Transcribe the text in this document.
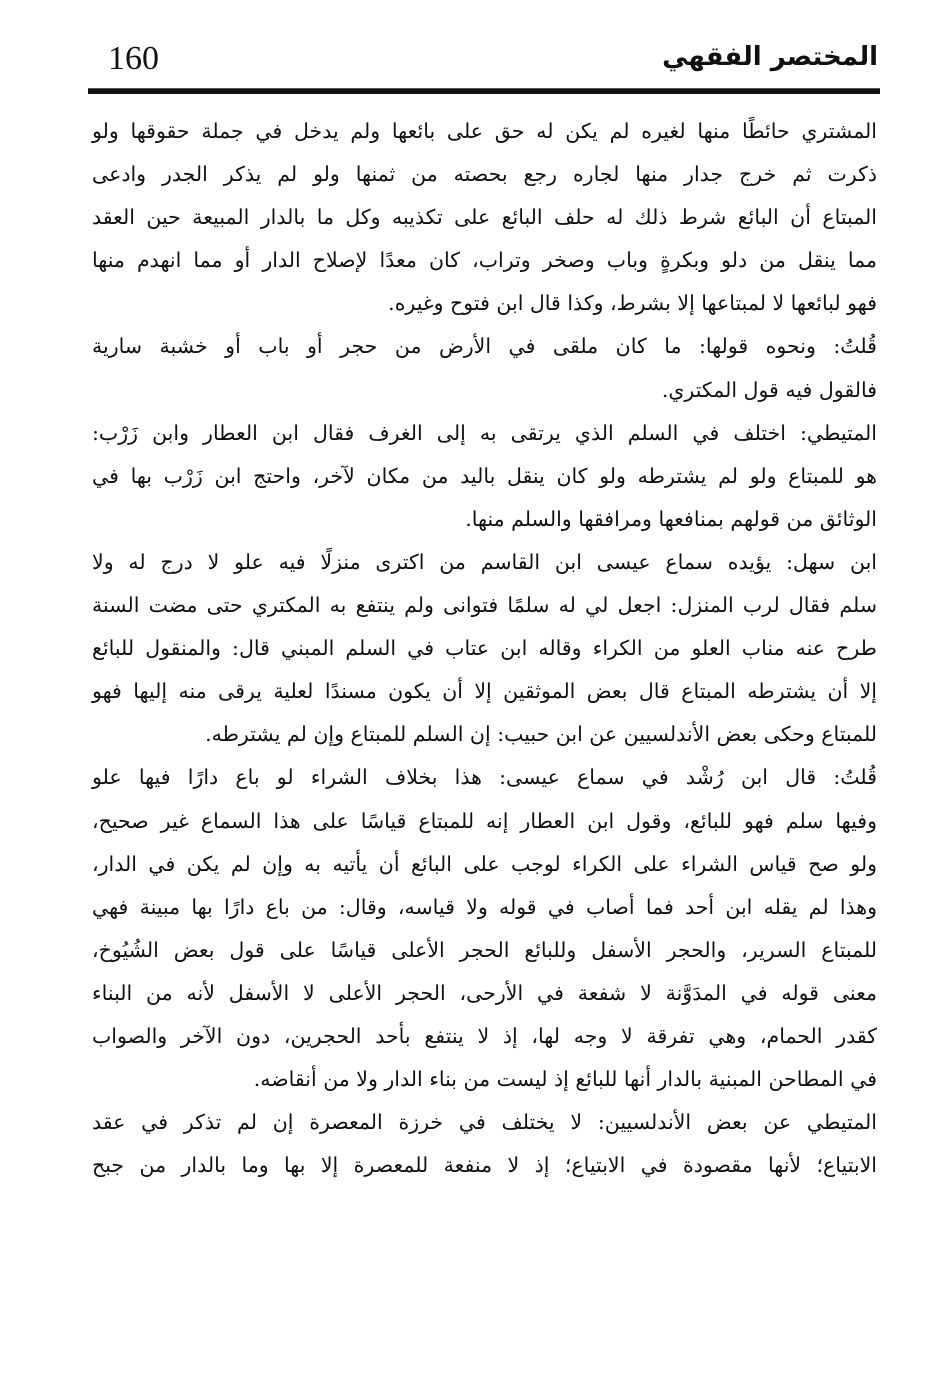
160	المختصر الفقهي
المشتري حائطًا منها لغيره لم يكن له حق على بائعها ولم يدخل في جملة حقوقها ولو
ذكرت ثم خرج جدار منها لجاره رجع بحصته من ثمنها ولو لم يذكر الجدر وادعى
المبتاع أن البائع شرط ذلك له حلف البائع على تكذيبه وكل ما بالدار المبيعة حين العقد
مما ينقل من دلو وبكرةٍ وباب وصخر وتراب، كان معدًا لإصلاح الدار أو مما انهدم منها
فهو لبائعها لا لمبتاعها إلا بشرط، وكذا قال ابن فتوح وغيره.
قُلتُ: ونحوه قولها: ما كان ملقى في الأرض من حجر أو باب أو خشبة سارية
فالقول فيه قول المكتري.
المتيطي: اختلف في السلم الذي يرتقى به إلى الغرف فقال ابن العطار وابن زَرْب:
هو للمبتاع ولو لم يشترطه ولو كان ينقل باليد من مكان لآخر، واحتج ابن زَرْب بها في
الوثائق من قولهم بمنافعها ومرافقها والسلم منها.
ابن سهل: يؤيده سماع عيسى ابن القاسم من اكترى منزلًا فيه علو لا درج له ولا
سلم فقال لرب المنزل: اجعل لي له سلمًا فتوانى ولم ينتفع به المكتري حتى مضت السنة
طرح عنه مناب العلو من الكراء وقاله ابن عتاب في السلم المبني قال: والمنقول للبائع
إلا أن يشترطه المبتاع قال بعض الموثقين إلا أن يكون مسندًا لعلية يرقى منه إليها فهو
للمبتاع وحكى بعض الأندلسيين عن ابن حبيب: إن السلم للمبتاع وإن لم يشترطه.
قُلتُ: قال ابن رُشْد في سماع عيسى: هذا بخلاف الشراء لو باع دارًا فيها علو
وفيها سلم فهو للبائع، وقول ابن العطار إنه للمبتاع قياسًا على هذا السماع غير صحيح،
ولو صح قياس الشراء على الكراء لوجب على البائع أن يأتيه به وإن لم يكن في الدار،
وهذا لم يقله ابن أحد فما أصاب في قوله ولا قياسه، وقال: من باع دارًا بها مبينة فهي
للمبتاع السرير، والحجر الأسفل وللبائع الحجر الأعلى قياسًا على قول بعض الشُيُوخ،
معنى قوله في المدَوَّنة لا شفعة في الأرحى، الحجر الأعلى لا الأسفل لأنه من البناء
كقدر الحمام، وهي تفرقة لا وجه لها، إذ لا ينتفع بأحد الحجرين، دون الآخر والصواب
في المطاحن المبنية بالدار أنها للبائع إذ ليست من بناء الدار ولا من أنقاضه.
المتيطي عن بعض الأندلسيين: لا يختلف في خرزة المعصرة إن لم تذكر في عقد
الابتياع؛ لأنها مقصودة في الابتياع؛ إذ لا منفعة للمعصرة إلا بها وما بالدار من جبح
